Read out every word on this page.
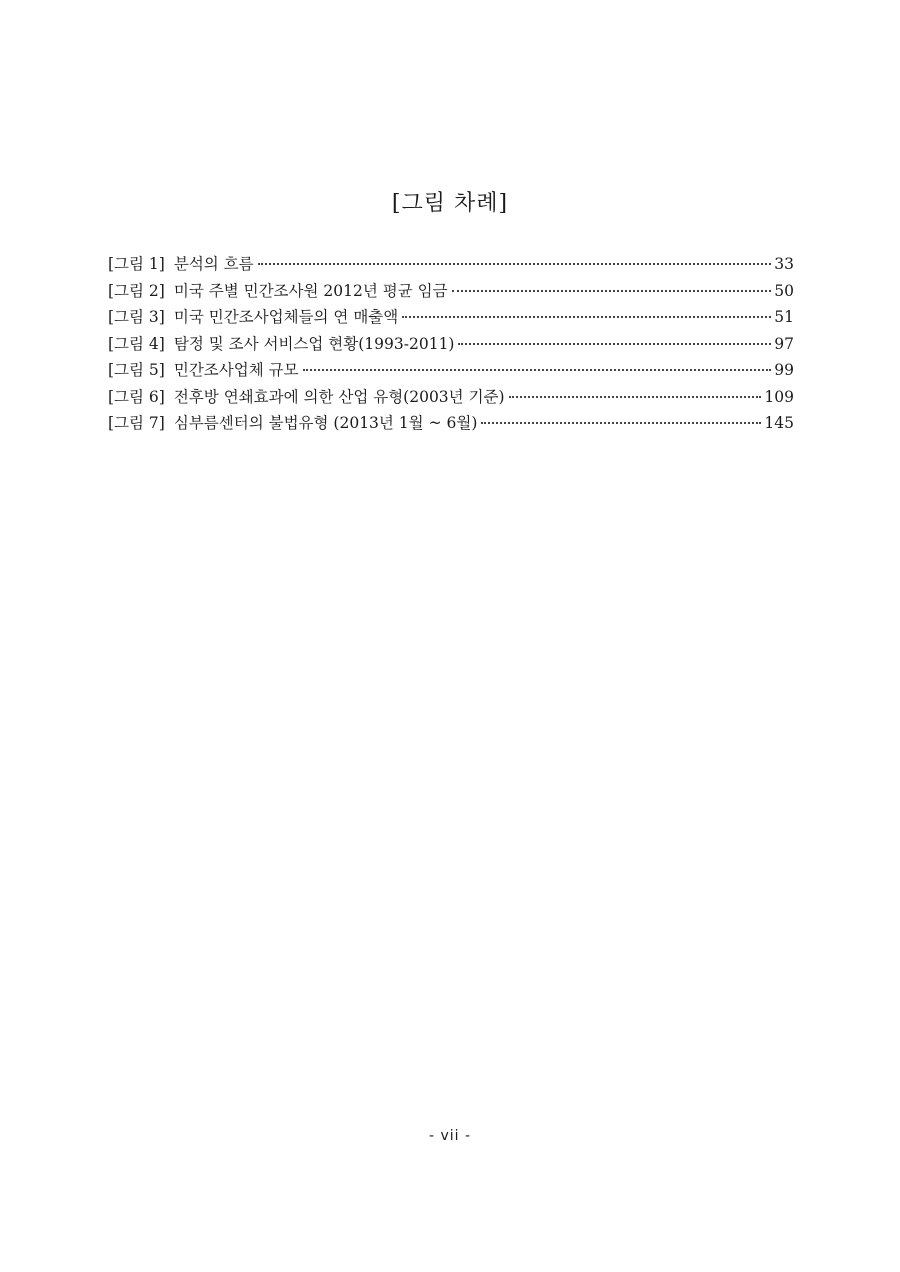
[그림 차례]
[그림 1] 분석의 흐름	33
[그림 2] 미국 주별 민간조사원 2012년 평균 임금	50
[그림 3] 미국 민간조사업체들의 연 매출액	51
[그림 4] 탐정 및 조사 서비스업 현황(1993-2011)	97
[그림 5] 민간조사업체 규모	99
[그림 6] 전후방 연쇄효과에 의한 산업 유형(2003년 기준)	109
[그림 7] 심부름센터의 불법유형 (2013년 1월 ~ 6월)	145
- vii -
